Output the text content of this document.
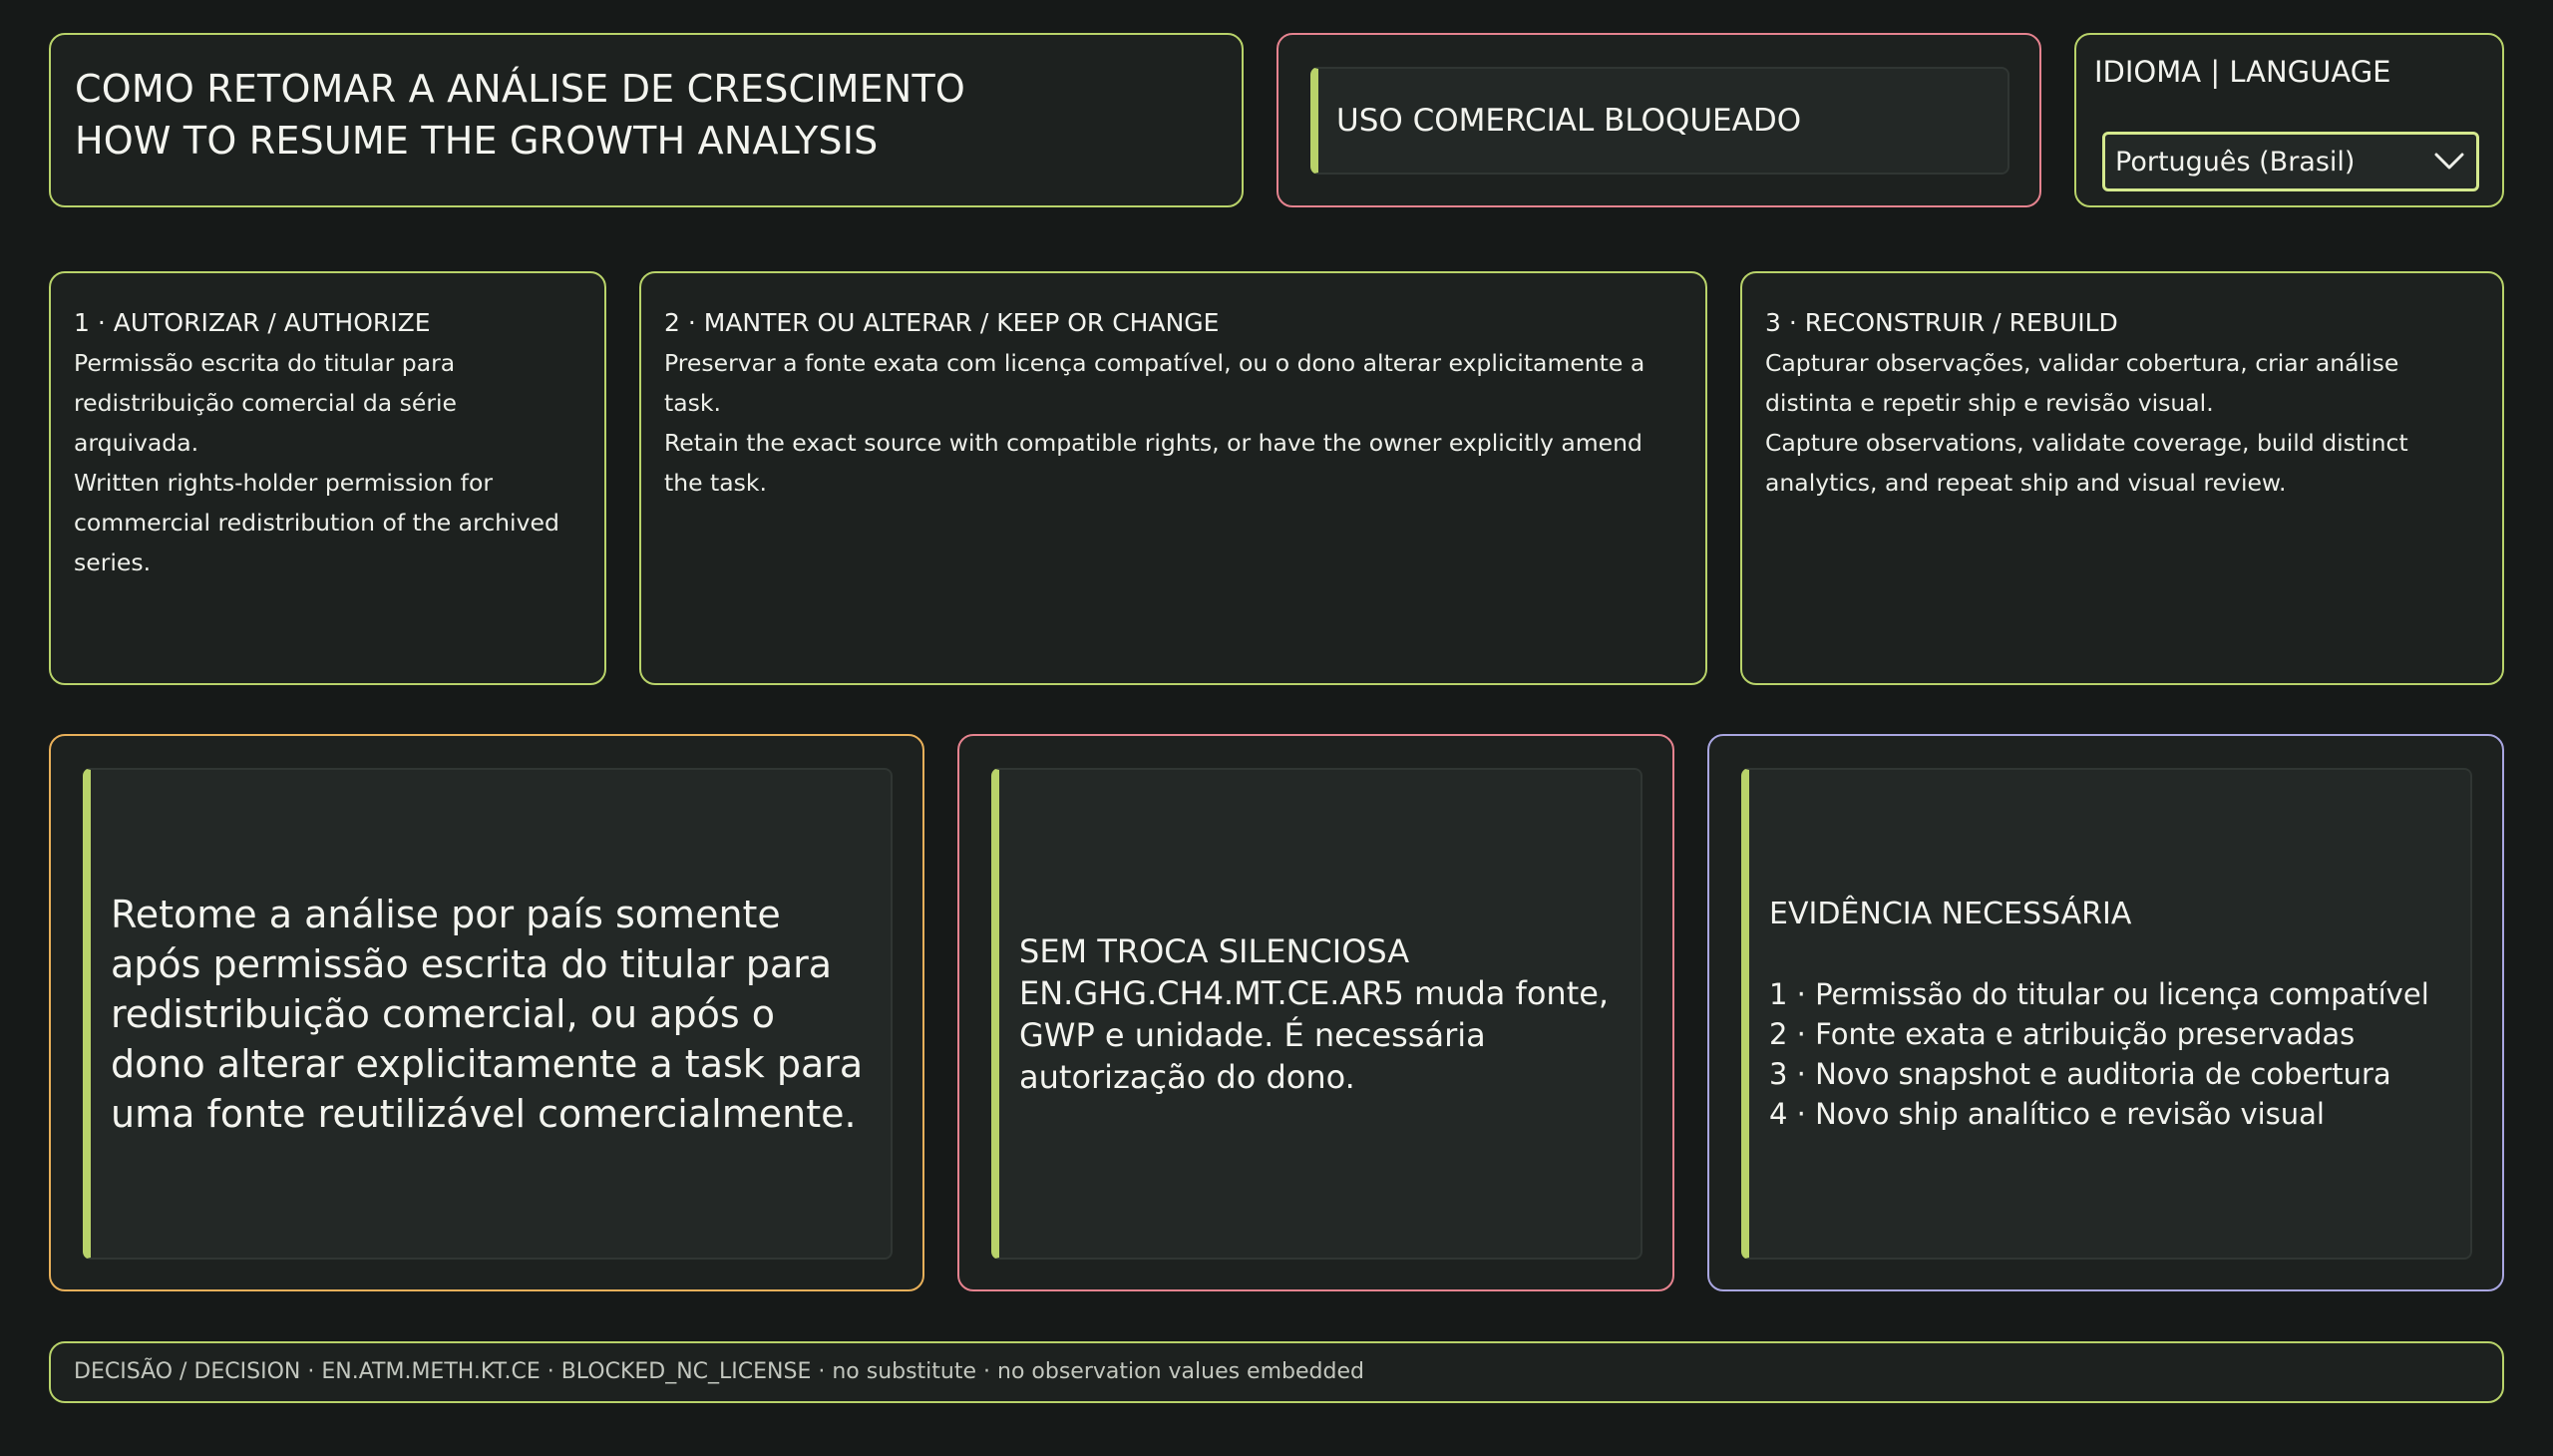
COMO RETOMAR A ANÁLISE DE CRESCIMENTO
HOW TO RESUME THE GROWTH ANALYSIS	USO COMERCIAL BLOQUEADO
IDIOMA | LANGUAGE
Português (Brasil)
1 · AUTORIZAR / AUTHORIZE

Permissão escrita do titular para redistribuição comercial da série arquivada.

Written rights-holder permission for commercial redistribution of the archived series.

2 · MANTER OU ALTERAR / KEEP OR CHANGE

Preservar a fonte exata com licença compatível, ou o dono alterar explicitamente a task.

Retain the exact source with compatible rights, or have the owner explicitly amend the task.

3 · RECONSTRUIR / REBUILD

Capturar observações, validar cobertura, criar análise distinta e repetir ship e revisão visual.

Capture observations, validate coverage, build distinct analytics, and repeat ship and visual review.

Retome a análise por país somente após permissão escrita do titular para redistribuição comercial, ou após o dono alterar explicitamente a task para uma fonte reutilizável comercialmente.
SEM TROCA SILENCIOSA
EN.GHG.CH4.MT.CE.AR5 muda fonte, GWP e unidade. É necessária autorização do dono.
EVIDÊNCIA NECESSÁRIA
1 · Permissão do titular ou licença compatível
2 · Fonte exata e atribuição preservadas
3 · Novo snapshot e auditoria de cobertura
4 · Novo ship analítico e revisão visual
DECISÃO / DECISION · EN.ATM.METH.KT.CE · BLOCKED_NC_LICENSE · no substitute · no observation values embedded
